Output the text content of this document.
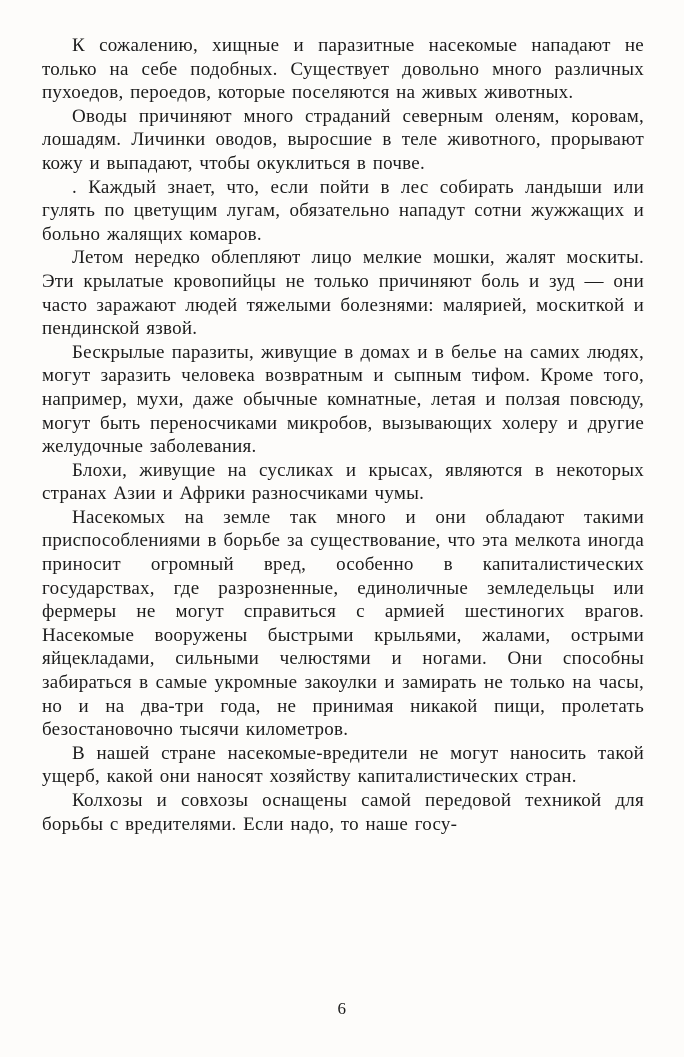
К сожалению, хищные и паразитные насекомые нападают не только на себе подобных. Существует довольно много различных пухоедов, пероедов, которые поселяются на живых животных.

Оводы причиняют много страданий северным оленям, коровам, лошадям. Личинки оводов, выросшие в теле животного, прорывают кожу и выпадают, чтобы окуклиться в почве.

. Каждый знает, что, если пойти в лес собирать ландыши или гулять по цветущим лугам, обязательно нападут сотни жужжащих и больно жалящих комаров.

Летом нередко облепляют лицо мелкие мошки, жалят москиты. Эти крылатые кровопийцы не только причиняют боль и зуд — они часто заражают людей тяжелыми болезнями: малярией, москиткой и пендинской язвой.

Бескрылые паразиты, живущие в домах и в белье на самих людях, могут заразить человека возвратным и сыпным тифом. Кроме того, например, мухи, даже обычные комнатные, летая и ползая повсюду, могут быть переносчиками микробов, вызывающих холеру и другие желудочные заболевания.

Блохи, живущие на сусликах и крысах, являются в некоторых странах Азии и Африки разносчиками чумы.

Насекомых на земле так много и они обладают такими приспособлениями в борьбе за существование, что эта мелкота иногда приносит огромный вред, особенно в капиталистических государствах, где разрозненные, единоличные земледельцы или фермеры не могут справиться с армией шестиногих врагов. Насекомые вооружены быстрыми крыльями, жалами, острыми яйцекладами, сильными челюстями и ногами. Они способны забираться в самые укромные закоулки и замирать не только на часы, но и на два-три года, не принимая никакой пищи, пролетать безостановочно тысячи километров.

В нашей стране насекомые-вредители не могут наносить такой ущерб, какой они наносят хозяйству капиталистических стран.

Колхозы и совхозы оснащены самой передовой техникой для борьбы с вредителями. Если надо, то наше госу-

6
